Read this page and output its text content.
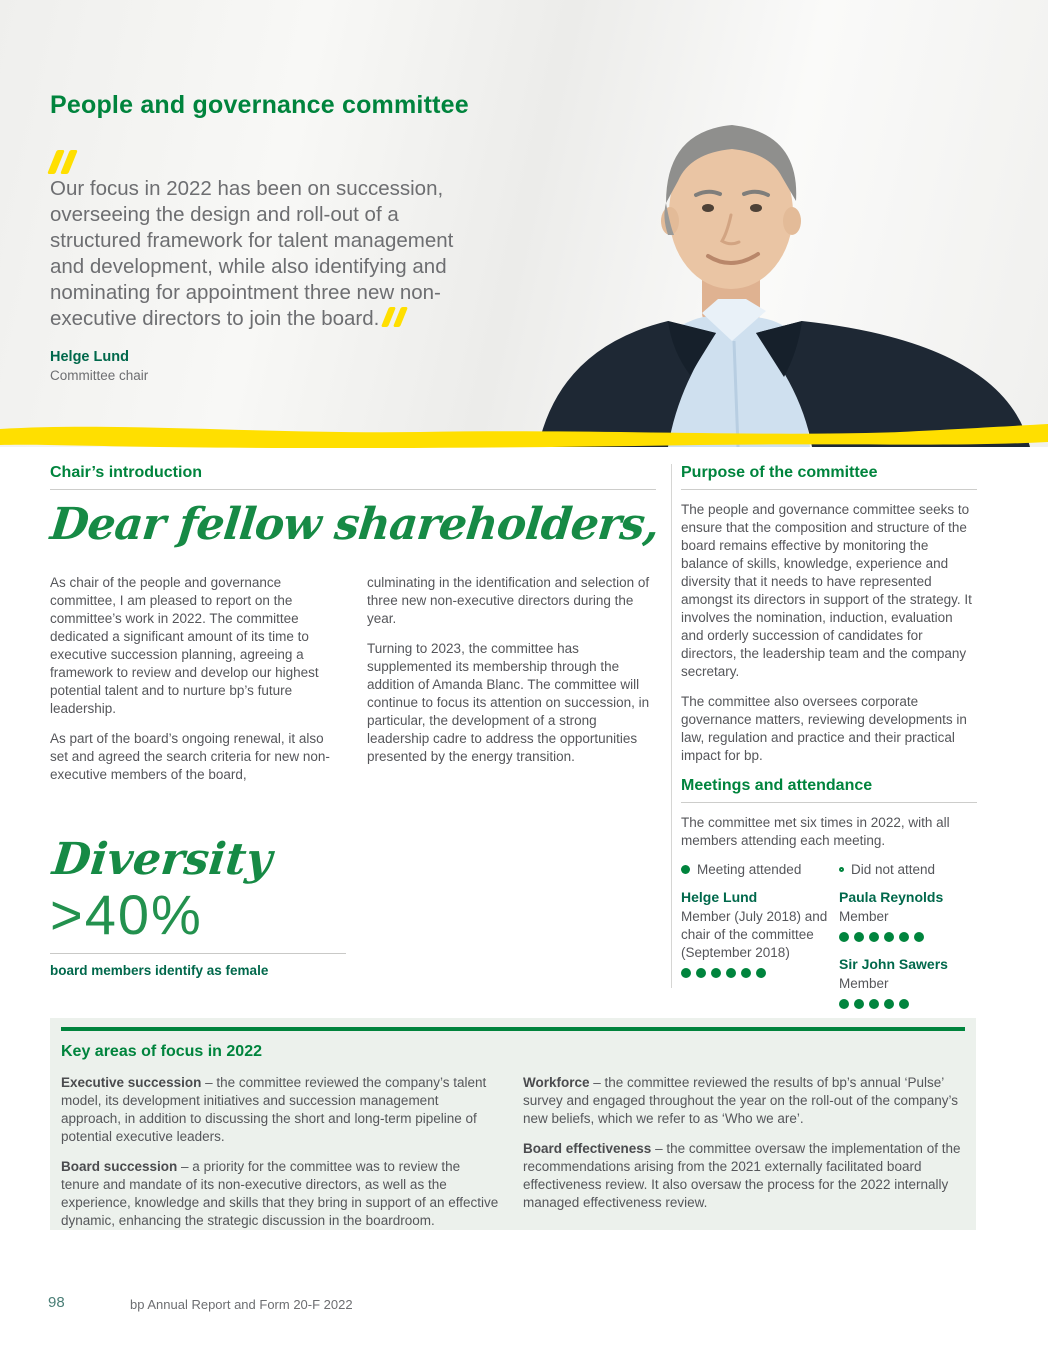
People and governance committee

Our focus in 2022 has been on succession, overseeing the design and roll-out of a structured framework for talent management and development, while also identifying and nominating for appointment three new non-executive directors to join the board.

Helge Lund
Committee chair
Chair’s introduction
Dear fellow shareholders,

As chair of the people and governance committee, I am pleased to report on the committee’s work in 2022. The committee dedicated a significant amount of its time to executive succession planning, agreeing a framework to review and develop our highest potential talent and to nurture bp’s future leadership.

As part of the board’s ongoing renewal, it also set and agreed the search criteria for new non-executive members of the board,

culminating in the identification and selection of three new non-executive directors during the year.

Turning to 2023, the committee has supplemented its membership through the addition of Amanda Blanc. The committee will continue to focus its attention on succession, in particular, the development of a strong leadership cadre to address the opportunities presented by the energy transition.

Diversity
>40%
board members identify as female
Purpose of the committee

The people and governance committee seeks to ensure that the composition and structure of the board remains effective by monitoring the balance of skills, knowledge, experience and diversity that it needs to have represented amongst its directors in support of the strategy. It involves the nomination, induction, evaluation and orderly succession of candidates for directors, the leadership team and the company secretary.

The committee also oversees corporate governance matters, reviewing developments in law, regulation and practice and their practical impact for bp.

Meetings and attendance

The committee met six times in 2022, with all members attending each meeting.

Meeting attended	Did not attend
Helge Lund
Member (July 2018) and chair of the committee (September 2018)
Paula Reynolds
Member
Sir John Sawers
Member
Key areas of focus in 2022

Executive succession – the committee reviewed the company’s talent model, its development initiatives and succession management approach, in addition to discussing the short and long-term pipeline of potential executive leaders.

Board succession – a priority for the committee was to review the tenure and mandate of its non-executive directors, as well as the experience, knowledge and skills that they bring in support of an effective dynamic, enhancing the strategic discussion in the boardroom.

Workforce – the committee reviewed the results of bp’s annual ‘Pulse’ survey and engaged throughout the year on the roll-out of the company’s new beliefs, which we refer to as ‘Who we are’.

Board effectiveness – the committee oversaw the implementation of the recommendations arising from the 2021 externally facilitated board effectiveness review. It also oversaw the process for the 2022 internally managed effectiveness review.

98	bp Annual Report and Form 20-F 2022
